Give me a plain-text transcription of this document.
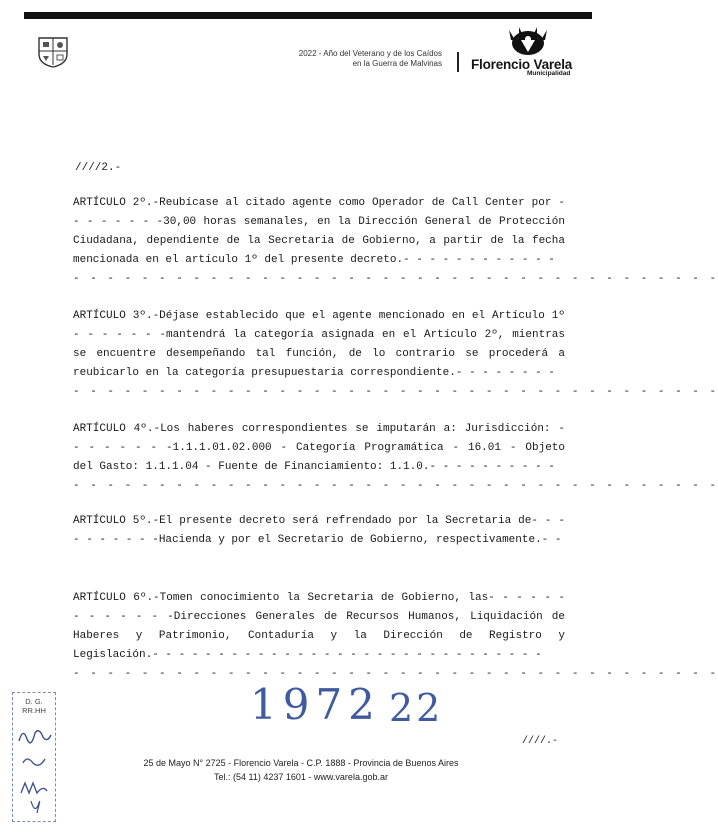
2022 - Año del Veterano y de los Caídos
en la Guerra de Malvinas Florencio Varela
Municipalidad
////2.-

ARTÍCULO 2º.-Reubícase al citado agente como Operador de Call Center por -

- - - - - - -30,00 horas semanales, en la Dirección General de Protección

Ciudadana, dependiente de la Secretaria de Gobierno, a partir de la fecha

mencionada en el artículo 1º del presente decreto.- - - - - - - - - - - -

- - - - - - - - - - - - - - - - - - - - - - - - - - - - - - - - - - - - - -

ARTÍCULO 3º.-Déjase establecido que el agente mencionado en el Artículo 1º

- - - - - - -mantendrá la categoría asignada en el Artículo 2º, mientras

se encuentre desempeñando tal función, de lo contrario se procederá a

reubicarlo en la categoría presupuestaria correspondiente.- - - - - - - -

- - - - - - - - - - - - - - - - - - - - - - - - - - - - - - - - - - - - - -

ARTÍCULO 4º.-Los haberes correspondientes se imputarán a: Jurisdicción: -

- - - - - - -1.1.1.01.02.000 - Categoría Programática - 16.01 - Objeto

del Gasto: 1.1.1.04 - Fuente de Financiamiento: 1.1.0.- - - - - - - - - -

- - - - - - - - - - - - - - - - - - - - - - - - - - - - - - - - - - - - - -

ARTÍCULO 5º.-El presente decreto será refrendado por la Secretaria de- - -

- - - - - - -Hacienda y por el Secretario de Gobierno, respectivamente.- -

ARTÍCULO 6º.-Tomen conocimiento la Secretaria de Gobierno, las- - - - - -

- - - - - - -Direcciones Generales de Recursos Humanos, Liquidación de

Haberes y Patrimonio, Contaduría y la Dirección de Registro y

Legislación.- - - - - - - - - - - - - - - - - - - - - - - - - - - - - -

- - - - - - - - - - - - - - - - - - - - - - - - - - - - - - - - - - - - - -
1972 22
////.-
25 de Mayo N° 2725 - Florencio Varela - C.P. 1888 - Provincia de Buenos Aires
Tel.: (54 11) 4237 1601 - www.varela.gob.ar
D. G.
RR.HH
